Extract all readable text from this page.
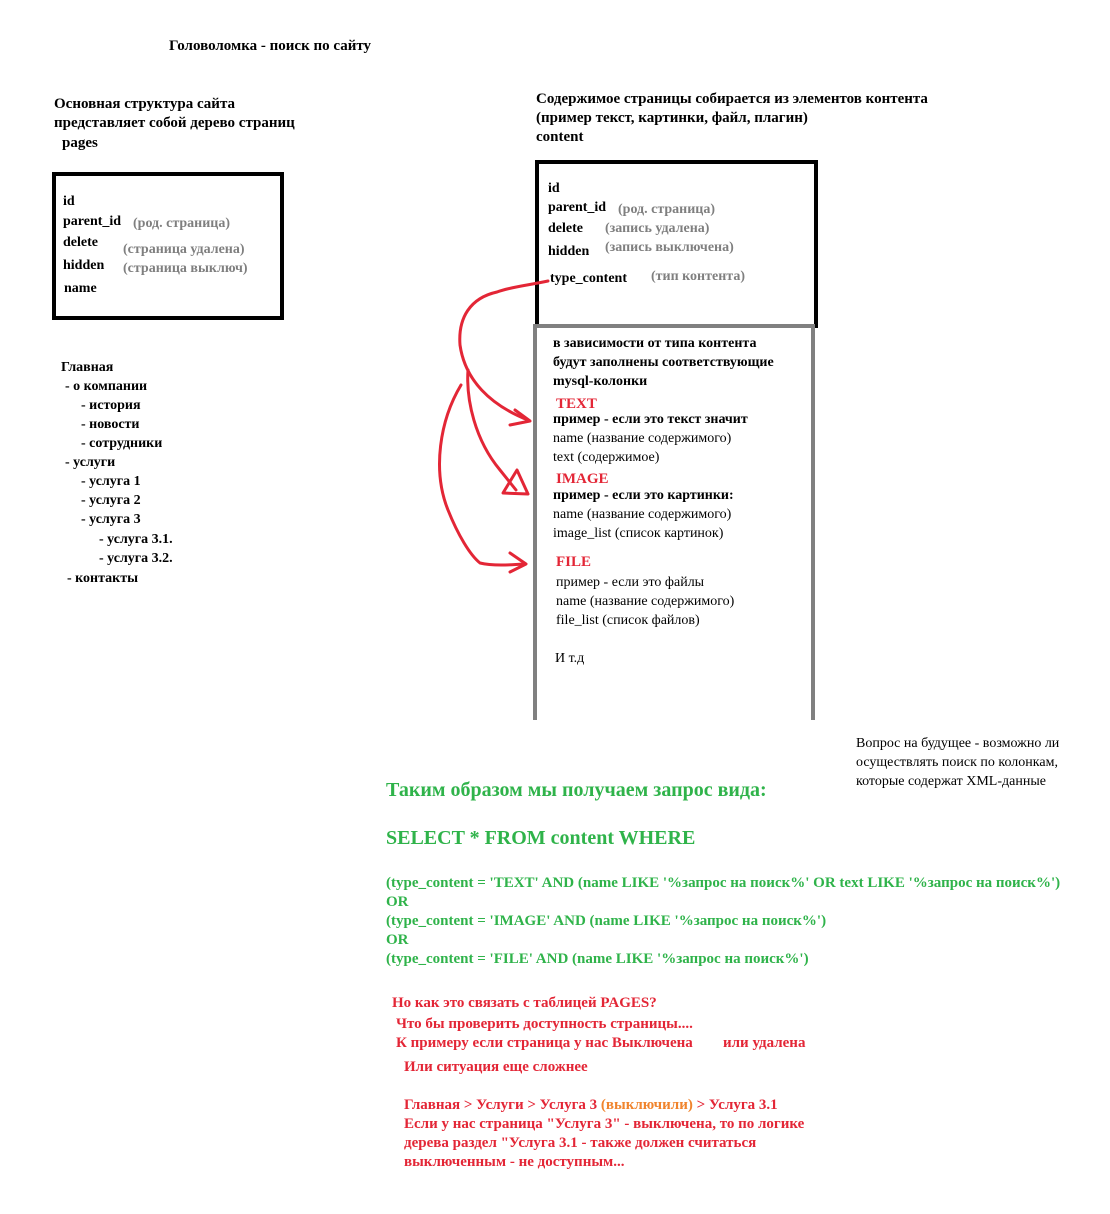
Головоломка - поиск по сайту
Основная структура сайта
представляет собой дерево страниц
pages
id
parent_id (род. страница)
delete (страница удалена)
hidden (страница выключ)
name
Главная
- о компании
- история
- новости
- сотрудники
- услуги
- услуга 1
- услуга 2
- услуга 3
- услуга 3.1.
- услуга 3.2.
- контакты
Содержимое страницы собирается из элементов контента
(пример текст, картинки, файл, плагин)
content
id
parent_id (род. страница)
delete (запись удалена)
hidden (запись выключена)
type_content (тип контента)
в зависимости от типа контента
будут заполнены соответствующие
mysql-колонки
TEXT
пример - если это текст значит
name (название содержимого)
text (содержимое)
IMAGE
пример - если это картинки:
name (название содержимого)
image_list (список картинок)
FILE
пример - если это файлы
name (название содержимого)
file_list (список файлов)
И т.д
Вопрос на будущее - возможно ли
осуществлять поиск по колонкам,
которые содержат XML-данные
Таким образом мы получаем запрос вида:
SELECT * FROM content WHERE
(type_content = 'TEXT' AND (name LIKE '%запрос на поиск%' OR text LIKE '%запрос на поиск%')
OR
(type_content = 'IMAGE' AND (name LIKE '%запрос на поиск%')
OR
(type_content = 'FILE' AND (name LIKE '%запрос на поиск%')
Но как это связать с таблицей PAGES?
Что бы проверить доступность страницы....
К примеру если страница у нас Выключена или удалена
Или ситуация еще сложнее
Главная > Услуги > Услуга 3 (выключили) > Услуга 3.1
Если у нас страница "Услуга 3" - выключена, то по логике
дерева раздел "Услуга 3.1 - также должен считаться
выключенным - не доступным...
